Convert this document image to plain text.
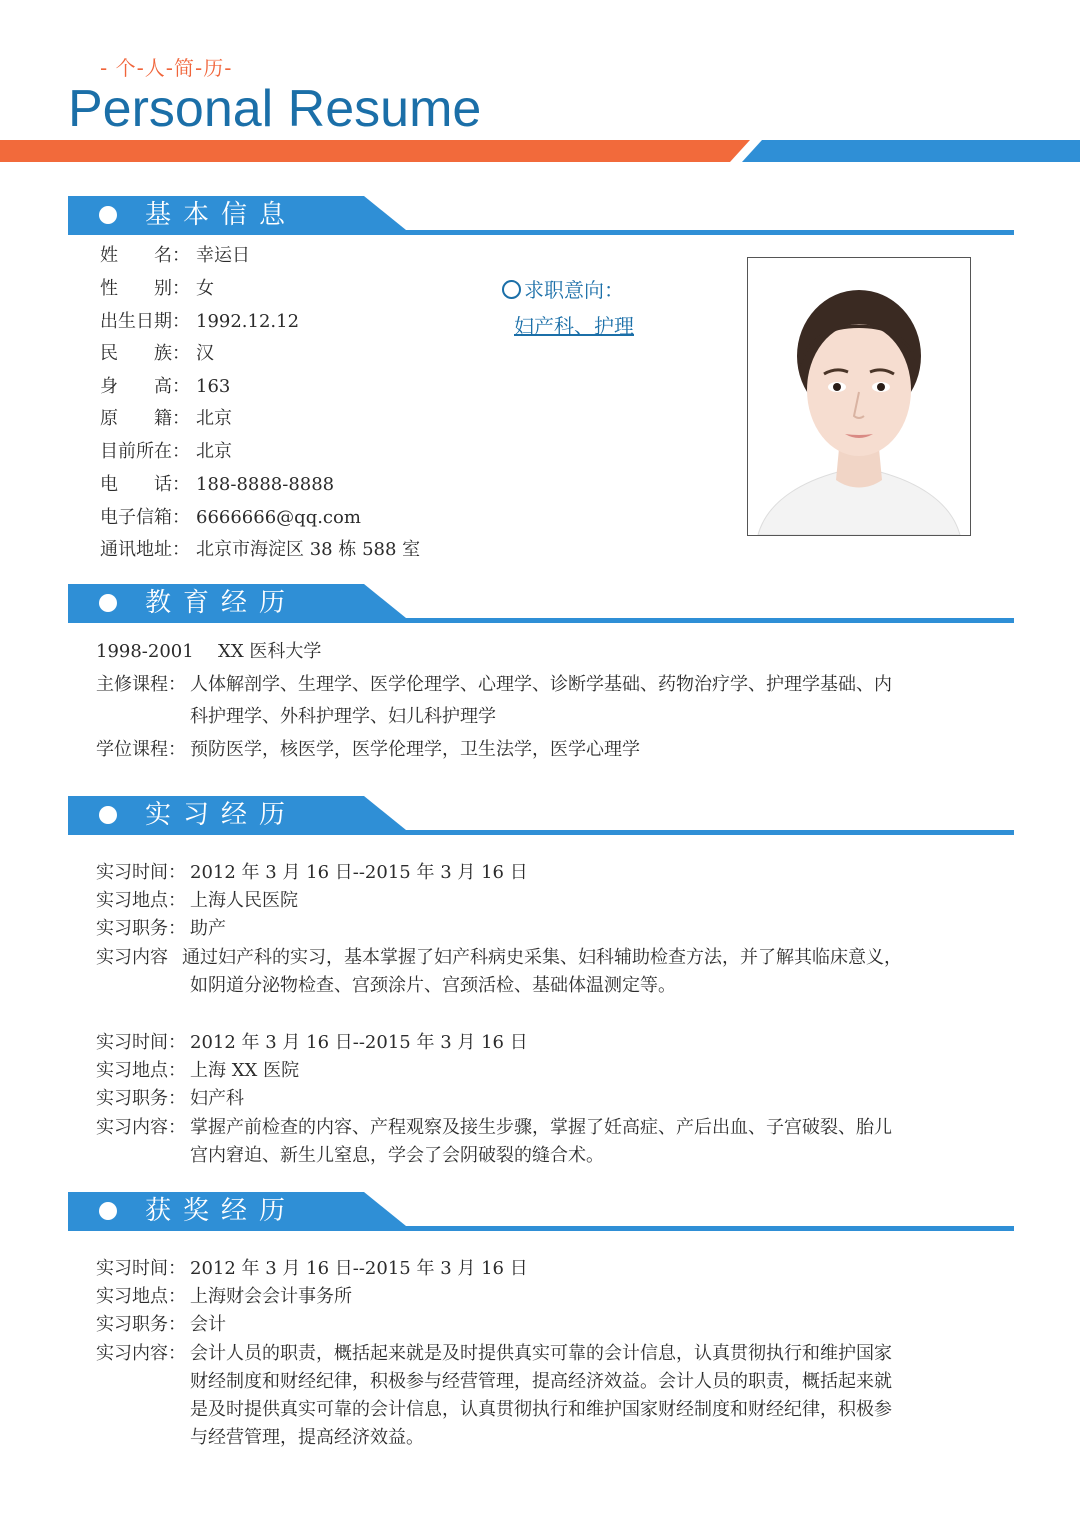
- 个-人-简-历-
Personal Resume
基本信息
姓　　名： 幸运日
性　　别： 女
出生日期： 1992.12.12
民　　族： 汉
身　　高： 163
原　　籍： 北京
目前所在： 北京
电　　话： 188-8888-8888
电子信箱： 6666666@qq.com
通讯地址： 北京市海淀区 38 栋 588 室
求职意向：
妇产科、护理
教育经历
1998-2001 XX 医科大学
主修课程： 人体解剖学、生理学、医学伦理学、心理学、诊断学基础、药物治疗学、护理学基础、内
科护理学、外科护理学、妇儿科护理学
学位课程： 预防医学，核医学，医学伦理学，卫生法学，医学心理学
实习经历
实习时间： 2012 年 3 月 16 日--2015 年 3 月 16 日
实习地点： 上海人民医院
实习职务： 助产
实习内容 通过妇产科的实习，基本掌握了妇产科病史采集、妇科辅助检查方法，并了解其临床意义，
如阴道分泌物检查、宫颈涂片、宫颈活检、基础体温测定等。
实习时间： 2012 年 3 月 16 日--2015 年 3 月 16 日
实习地点： 上海 XX 医院
实习职务： 妇产科
实习内容： 掌握产前检查的内容、产程观察及接生步骤，掌握了妊高症、产后出血、子宫破裂、胎儿
宫内窘迫、新生儿窒息，学会了会阴破裂的缝合术。
获奖经历
实习时间： 2012 年 3 月 16 日--2015 年 3 月 16 日
实习地点： 上海财会会计事务所
实习职务： 会计
实习内容： 会计人员的职责，概括起来就是及时提供真实可靠的会计信息，认真贯彻执行和维护国家
财经制度和财经纪律，积极参与经营管理，提高经济效益。会计人员的职责，概括起来就
是及时提供真实可靠的会计信息，认真贯彻执行和维护国家财经制度和财经纪律，积极参
与经营管理，提高经济效益。
